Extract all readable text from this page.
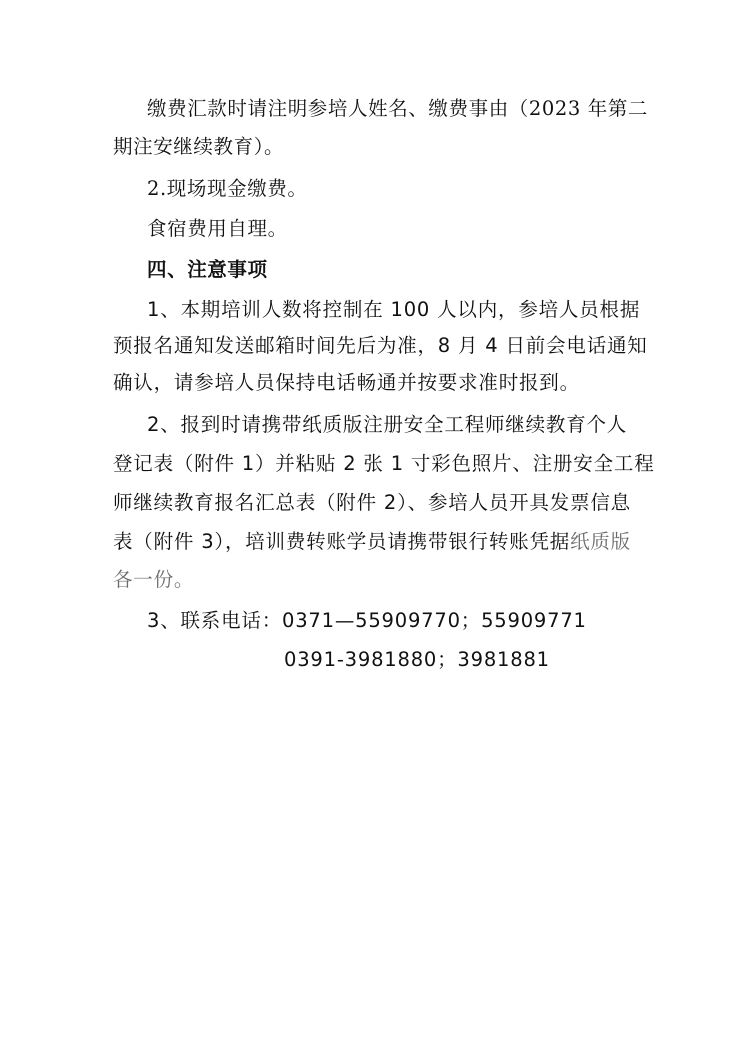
缴费汇款时请注明参培人姓名、缴费事由（2023 年第二
期注安继续教育）。
2.现场现金缴费。
食宿费用自理。
四、注意事项
1、本期培训人数将控制在 100 人以内，参培人员根据
预报名通知发送邮箱时间先后为准，8 月 4 日前会电话通知
确认，请参培人员保持电话畅通并按要求准时报到。
2、报到时请携带纸质版注册安全工程师继续教育个人
登记表（附件 1）并粘贴 2 张 1 寸彩色照片、注册安全工程
师继续教育报名汇总表（附件 2）、参培人员开具发票信息
表（附件 3），培训费转账学员请携带银行转账凭据纸质版
各一份。
3、联系电话：0371—55909770；55909771
0391-3981880；3981881
